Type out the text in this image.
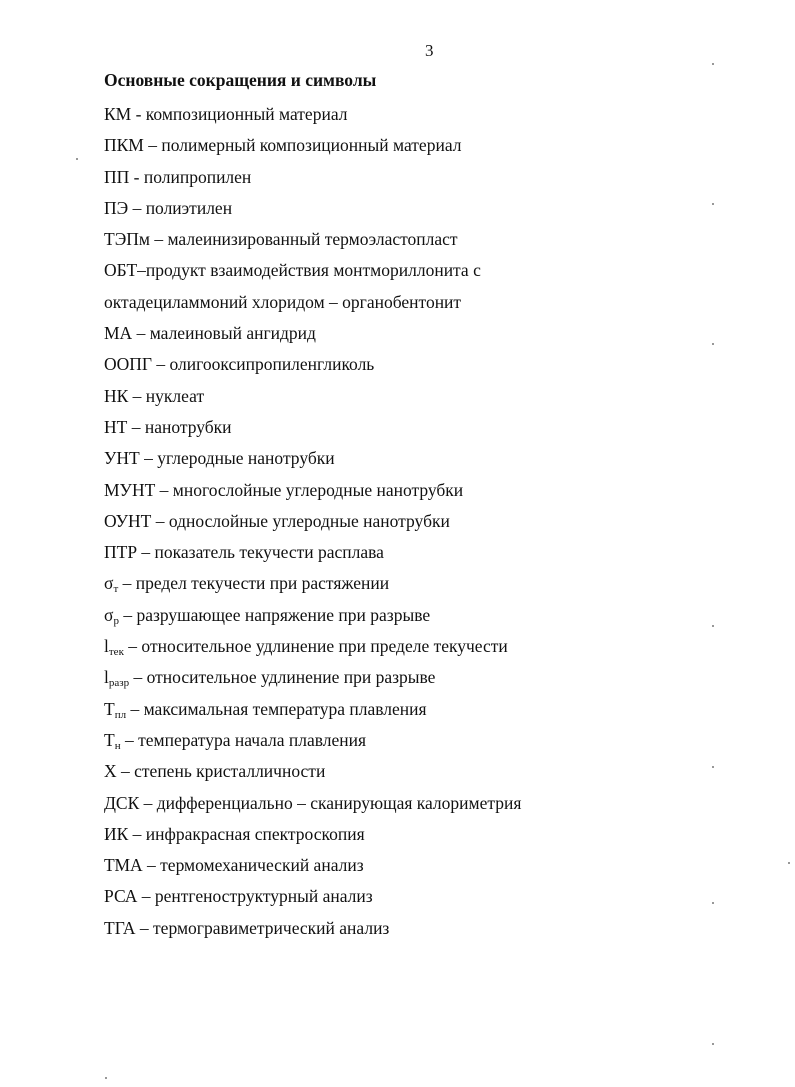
3
Основные сокращения и символы
КМ - композиционный материал
ПКМ – полимерный композиционный материал
ПП - полипропилен
ПЭ – полиэтилен
ТЭПм – малеинизированный термоэластопласт
ОБТ–продукт взаимодействия монтмориллонита с
октадециламмоний хлоридом – органобентонит
МА – малеиновый ангидрид
ООПГ – олигооксипропиленгликоль
НК – нуклеат
НТ – нанотрубки
УНТ – углеродные нанотрубки
МУНТ – многослойные углеродные нанотрубки
ОУНТ – однослойные углеродные нанотрубки
ПТР – показатель текучести расплава
$\sigma_т$ – предел текучести при растяжении
$\sigma_р$ – разрушающее напряжение при разрыве
$l_{тек}$ – относительное удлинение при пределе текучести
$l_{разр}$ – относительное удлинение при разрыве
$Т_{пл}$ – максимальная температура плавления
$Т_н$ – температура начала плавления
X – степень кристалличности
ДСК – дифференциально – сканирующая калориметрия
ИК – инфракрасная спектроскопия
ТМА – термомеханический анализ
РСА – рентгеноструктурный анализ
ТГА – термогравиметрический анализ
